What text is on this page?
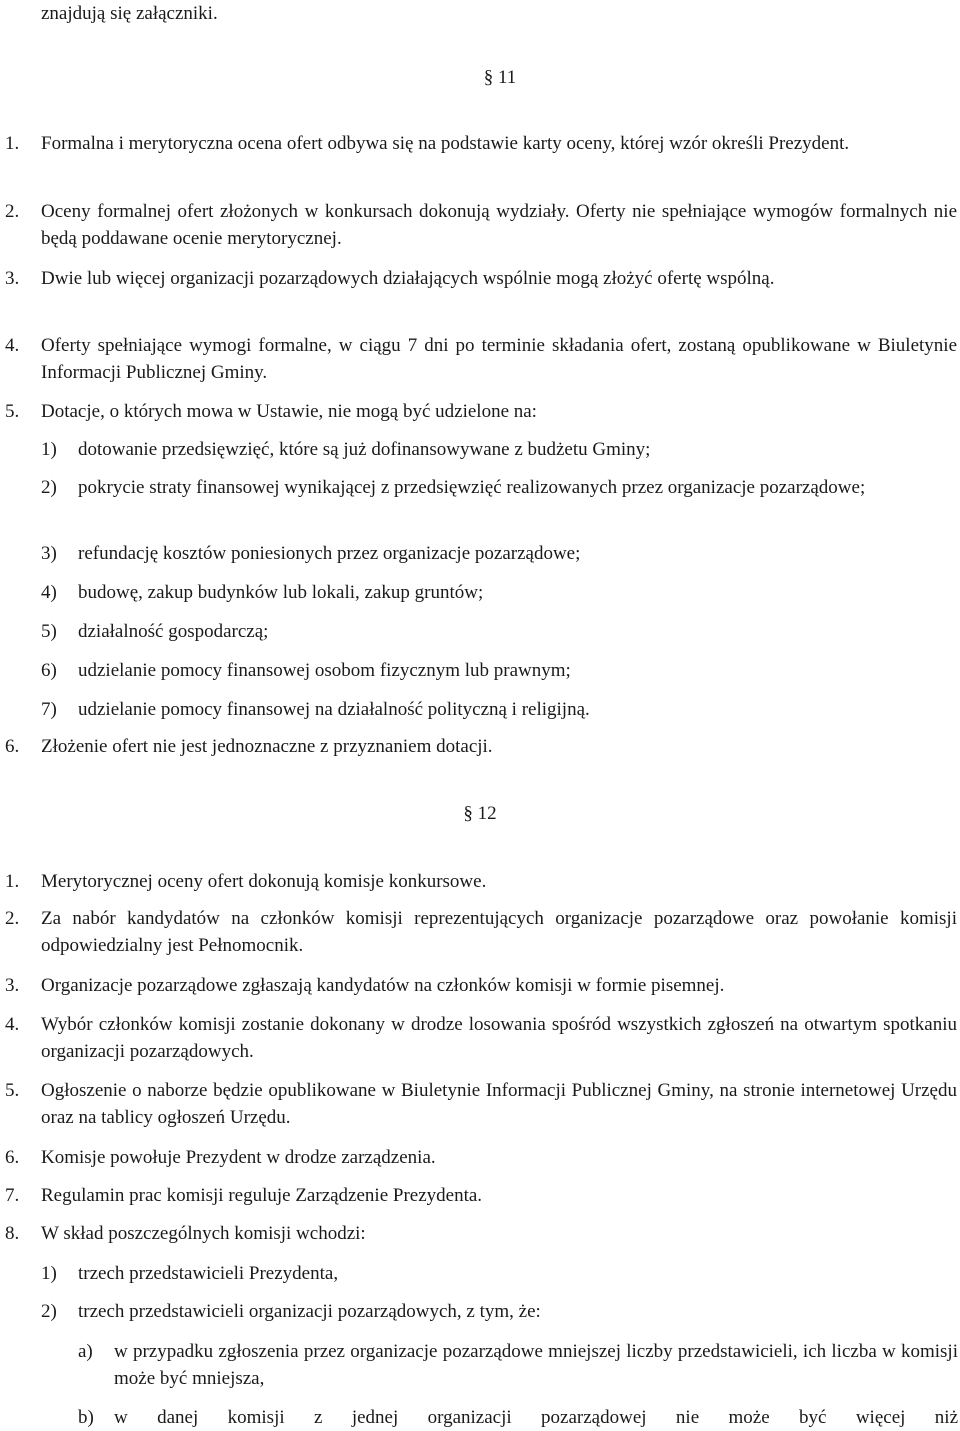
znajdują się załączniki.
§ 11
1.	Formalna i merytoryczna ocena ofert odbywa się na podstawie karty oceny, której wzór określi Prezydent.
2.	Oceny formalnej ofert złożonych w konkursach dokonują wydziały. Oferty nie spełniające wymogów formalnych nie będą poddawane ocenie merytorycznej.
3.	Dwie lub więcej organizacji pozarządowych działających wspólnie mogą złożyć ofertę wspólną.
4.	Oferty spełniające wymogi formalne, w ciągu 7 dni po terminie składania ofert, zostaną opublikowane w Biuletynie Informacji Publicznej Gminy.
5.	Dotacje, o których mowa w Ustawie, nie mogą być udzielone na:
1)	dotowanie przedsięwzięć, które są już dofinansowywane z budżetu Gminy;
2)	pokrycie straty finansowej wynikającej z przedsięwzięć realizowanych przez organizacje pozarządowe;
3)	refundację kosztów poniesionych przez organizacje pozarządowe;
4)	budowę, zakup budynków lub lokali, zakup gruntów;
5)	działalność gospodarczą;
6)	udzielanie pomocy finansowej osobom fizycznym lub prawnym;
7)	udzielanie pomocy finansowej na działalność polityczną i religijną.
6.	Złożenie ofert nie jest jednoznaczne z przyznaniem dotacji.
§ 12
1.	Merytorycznej oceny ofert dokonują komisje konkursowe.
2.	Za nabór kandydatów na członków komisji reprezentujących organizacje pozarządowe oraz powołanie komisji odpowiedzialny jest Pełnomocnik.
3.	Organizacje pozarządowe zgłaszają kandydatów na członków komisji w formie pisemnej.
4.	Wybór członków komisji zostanie dokonany w drodze losowania spośród wszystkich zgłoszeń na otwartym spotkaniu organizacji pozarządowych.
5.	Ogłoszenie o naborze będzie opublikowane w Biuletynie Informacji Publicznej Gminy, na stronie internetowej Urzędu oraz na tablicy ogłoszeń Urzędu.
6.	Komisje powołuje Prezydent w drodze zarządzenia.
7.	Regulamin prac komisji reguluje Zarządzenie Prezydenta.
8.	W skład poszczególnych komisji wchodzi:
1)	trzech przedstawicieli Prezydenta,
2)	trzech przedstawicieli organizacji pozarządowych, z tym, że:
a)	w przypadku zgłoszenia przez organizacje pozarządowe mniejszej liczby przedstawicieli, ich liczba w komisji może być mniejsza,
b)	w danej komisji z jednej organizacji pozarządowej nie może być więcej niż
